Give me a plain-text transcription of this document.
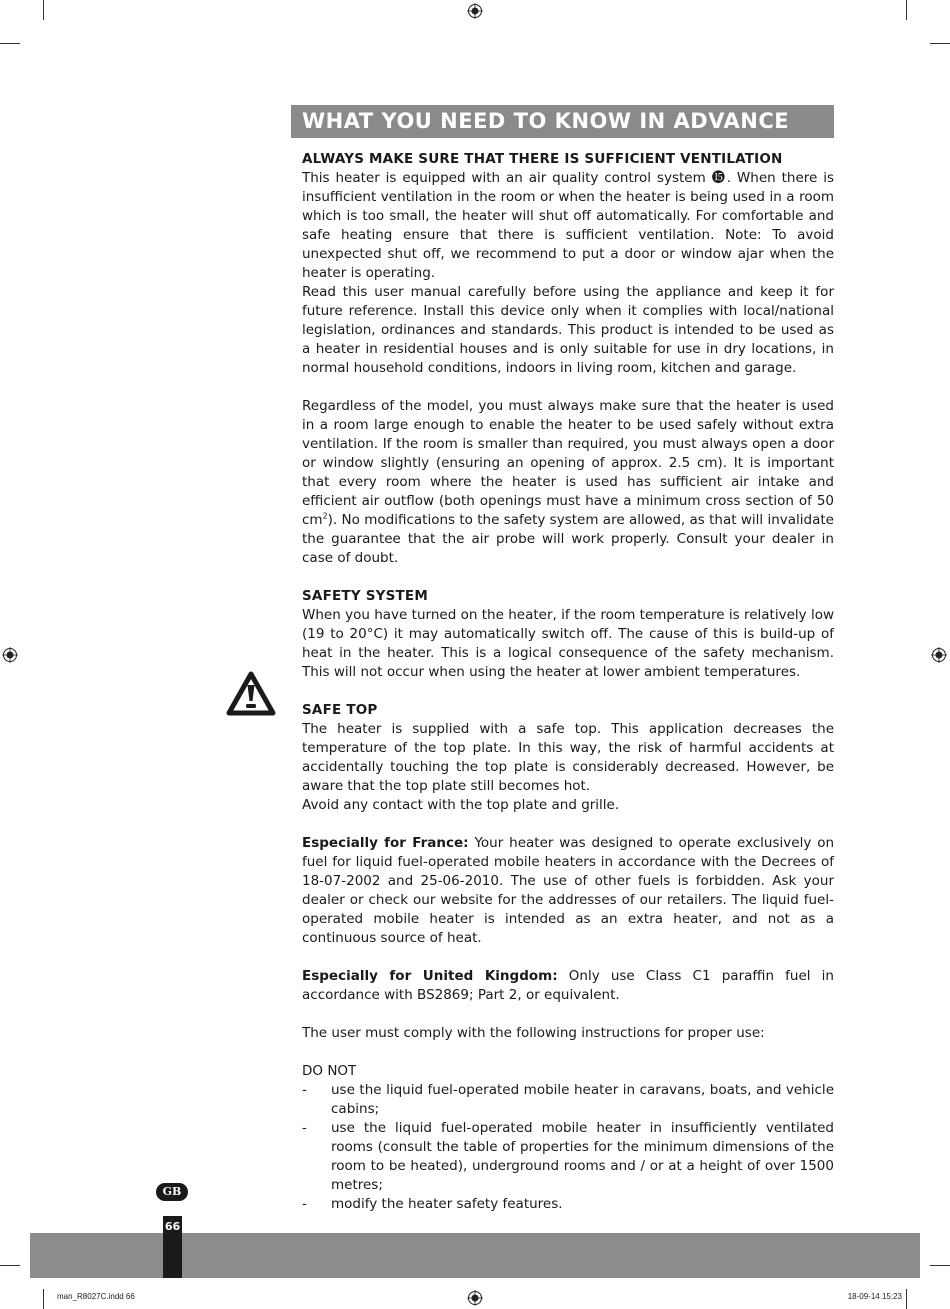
WHAT YOU NEED TO KNOW IN ADVANCE

ALWAYS MAKE SURE THAT THERE IS SUFFICIENT VENTILATION

This heater is equipped with an air quality control system ⓯. When there is insufficient ventilation in the room or when the heater is being used in a room which is too small, the heater will shut off automatically. For comfortable and safe heating ensure that there is sufficient ventilation. Note: To avoid unexpected shut off, we recommend to put a door or window ajar when the heater is operating.

Read this user manual carefully before using the appliance and keep it for future reference. Install this device only when it complies with local/national legislation, ordinances and standards. This product is intended to be used as a heater in residential houses and is only suitable for use in dry locations, in normal household conditions, indoors in living room, kitchen and garage.

Regardless of the model, you must always make sure that the heater is used in a room large enough to enable the heater to be used safely without extra ventilation. If the room is smaller than required, you must always open a door or window slightly (ensuring an opening of approx. 2.5 cm). It is important that every room where the heater is used has sufficient air intake and efficient air outflow (both openings must have a minimum cross section of 50 $cm^2$). No modifications to the safety system are allowed, as that will invalidate the guarantee that the air probe will work properly. Consult your dealer in case of doubt.

SAFETY SYSTEM

When you have turned on the heater, if the room temperature is relatively low (19 to 20°C) it may automatically switch off. The cause of this is build-up of heat in the heater. This is a logical consequence of the safety mechanism. This will not occur when using the heater at lower ambient temperatures.

SAFE TOP

The heater is supplied with a safe top. This application decreases the temperature of the top plate. In this way, the risk of harmful accidents at accidentally touching the top plate is considerably decreased. However, be aware that the top plate still becomes hot.

Avoid any contact with the top plate and grille.

Especially for France: Your heater was designed to operate exclusively on fuel for liquid fuel-operated mobile heaters in accordance with the Decrees of 18-07-2002 and 25-06-2010. The use of other fuels is forbidden. Ask your dealer or check our website for the addresses of our retailers. The liquid fuel-operated mobile heater is intended as an extra heater, and not as a continuous source of heat.

Especially for United Kingdom: Only use Class C1 paraffin fuel in accordance with BS2869; Part 2, or equivalent.

The user must comply with the following instructions for proper use:

DO NOT

-	use the liquid fuel-operated mobile heater in caravans, boats, and vehicle cabins;
-	use the liquid fuel-operated mobile heater in insufficiently ventilated rooms (consult the table of properties for the minimum dimensions of the room to be heated), underground rooms and / or at a height of over 1500 metres;
-	modify the heater safety features.

GB
66
man_R8027C.indd 66	18-09-14 15:23
